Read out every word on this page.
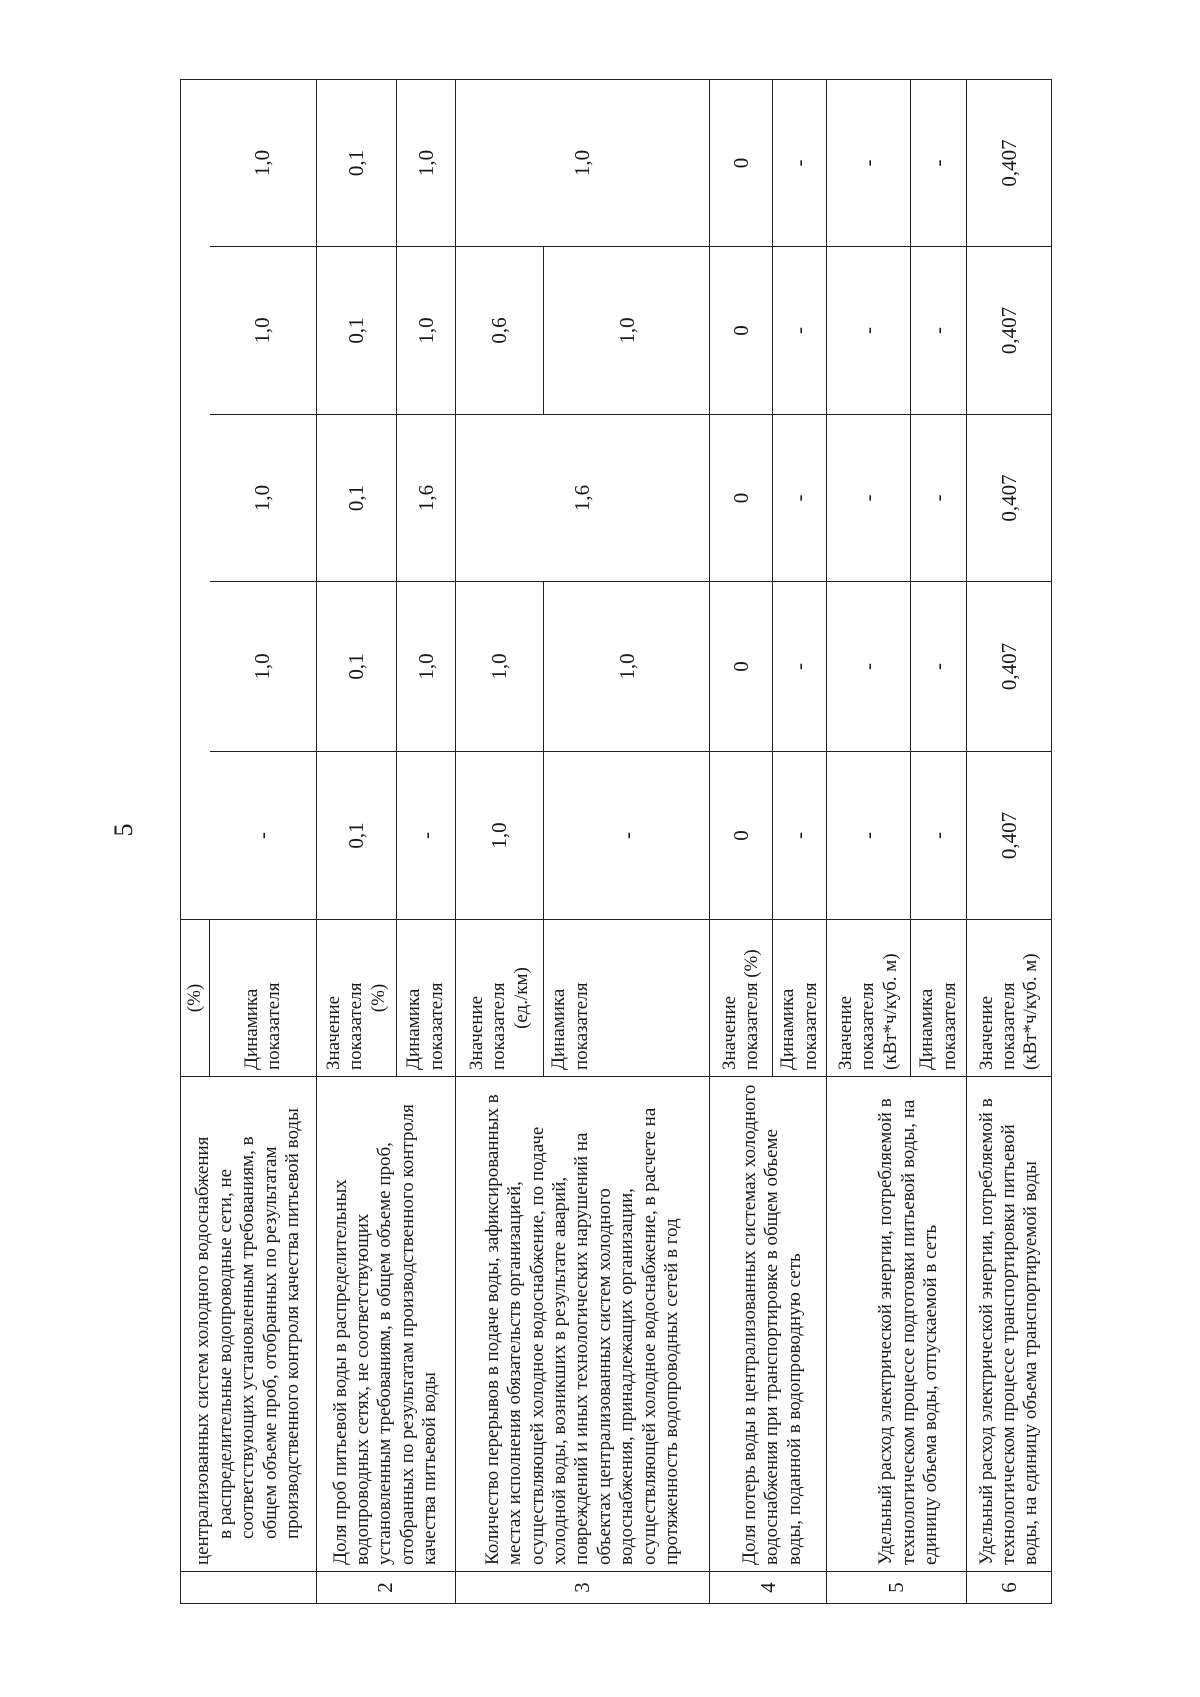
5
	централизованных систем холодного водоснабжения в распределительные водопроводные сети, не соответствующих установленным требованиям, в общем объеме проб, отобранных по результатам производственного контроля качества питьевой воды	(%)					
		Динамика показателя	-	1,0	1,0	1,0	1,0
2	Доля проб питьевой воды в распределительных водопроводных сетях, не соответствующих установленным требованиям, в общем объеме проб, отобранных по результатам производственного контроля качества питьевой воды	Значение показателя (%)	0,1	0,1	0,1	0,1	0,1
		Динамика показателя	-	1,0	1,6	1,0	1,0
3	Количество перерывов в подаче воды, зафиксированных в местах исполнения обязательств организацией, осуществляющей холодное водоснабжение, по подаче холодной воды, возникших в результате аварий, повреждений и иных технологических нарушений на объектах централизованных систем холодного водоснабжения, принадлежащих организации, осуществляющей холодное водоснабжение, в расчете на протяженность водопроводных сетей в год	Значение показателя (ед./км)	1,0	1,0	1,6	0,6	1,0
		Динамика показателя	-	1,0		1,0	
4	Доля потерь воды в централизованных системах холодного водоснабжения при транспортировке в общем объеме воды, поданной в водопроводную сеть	Значение показателя (%)	0	0	0	0	0
		Динамика показателя	-	-	-	-	-
5	Удельный расход электрической энергии, потребляемой в технологическом процессе подготовки питьевой воды, на единицу объема воды, отпускаемой в сеть	Значение показателя (кВт*ч/куб. м)	-	-	-	-	-
		Динамика показателя	-	-	-	-	-
6	Удельный расход электрической энергии, потребляемой в технологическом процессе транспортировки питьевой воды, на единицу объема транспортируемой воды	Значение показателя (кВт*ч/куб. м)	0,407	0,407	0,407	0,407	0,407
